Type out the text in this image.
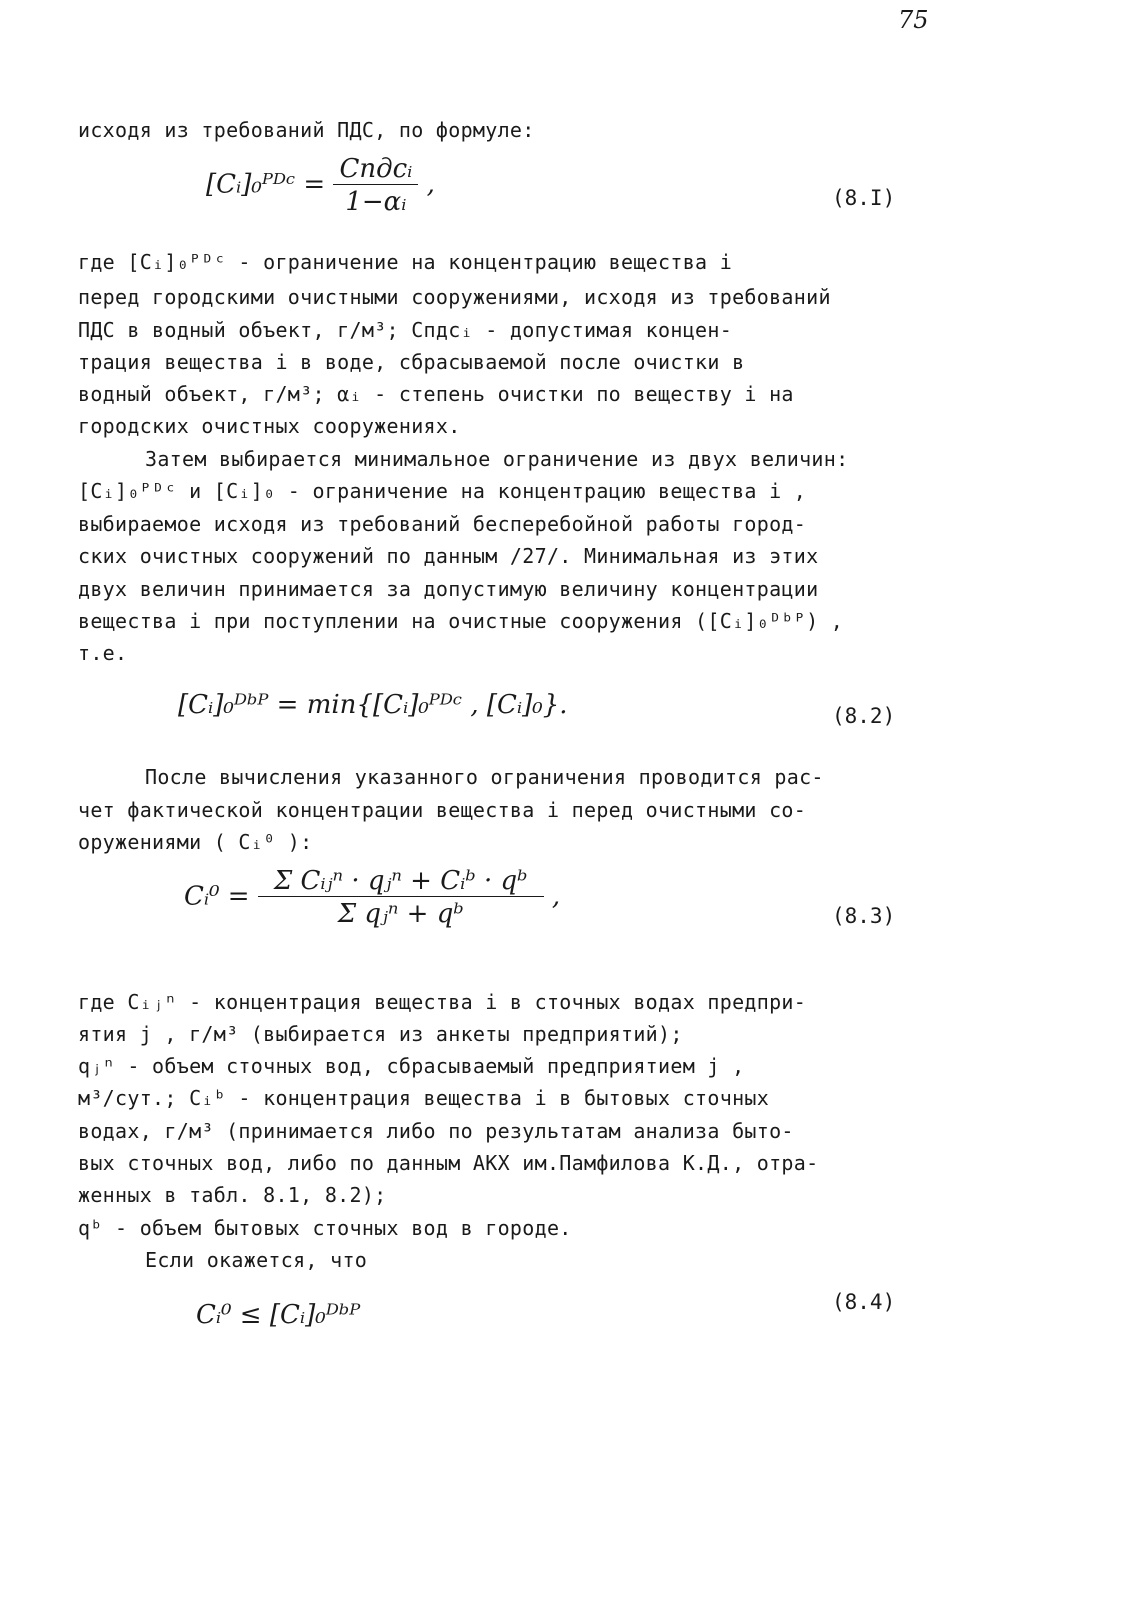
75
исходя из требований ПДС, по формуле:
[Cᵢ]₀ᴾᴰᶜ = $\frac{\text{Cпдсᵢ}}{\text{1−αᵢ}}$ ,	(8.I)
где [Cᵢ]₀ᴾᴰᶜ - ограничение на концентрацию вещества i
перед городскими очистными сооружениями, исходя из требований
ПДС в водный объект, г/м³; Cпдсᵢ - допустимая концен-
трация вещества i в воде, сбрасываемой после очистки в
водный объект, г/м³; αᵢ - степень очистки по веществу i на
городских очистных сооружениях.
Затем выбирается минимальное ограничение из двух величин:
[Cᵢ]₀ᴾᴰᶜ и [Cᵢ]₀ - ограничение на концентрацию вещества i ,
выбираемое исходя из требований бесперебойной работы город-
ских очистных сооружений по данным /27/. Минимальная из этих
двух величин принимается за допустимую величину концентрации
вещества i при поступлении на очистные сооружения ([Cᵢ]₀ᴰᵇᴾ) ,
т.е.
[Cᵢ]₀ᴰᵇᴾ = min{[Cᵢ]₀ᴾᴰᶜ , [Cᵢ]₀}.	(8.2)
После вычисления указанного ограничения проводится рас-
чет фактической концентрации вещества i перед очистными со-
оружениями ( Cᵢ⁰ ):
Cᵢ⁰ = $\frac{\text{Σ Cᵢⱼⁿ · qⱼⁿ + Cᵢᵇ · qᵇ}}{\text{Σ qⱼⁿ + qᵇ}}$ ,
(8.3)
где Cᵢⱼⁿ - концентрация вещества i в сточных водах предпри-
ятия j , г/м³ (выбирается из анкеты предприятий);
qⱼⁿ - объем сточных вод, сбрасываемый предприятием j ,
м³/сут.; Cᵢᵇ - концентрация вещества i в бытовых сточных
водах, г/м³ (принимается либо по результатам анализа быто-
вых сточных вод, либо по данным АКХ им.Памфилова К.Д., отра-
женных в табл. 8.1, 8.2);
qᵇ - объем бытовых сточных вод в городе.
Если окажется, что
Cᵢ⁰ ≤ [Cᵢ]₀ᴰᵇᴾ	(8.4)
